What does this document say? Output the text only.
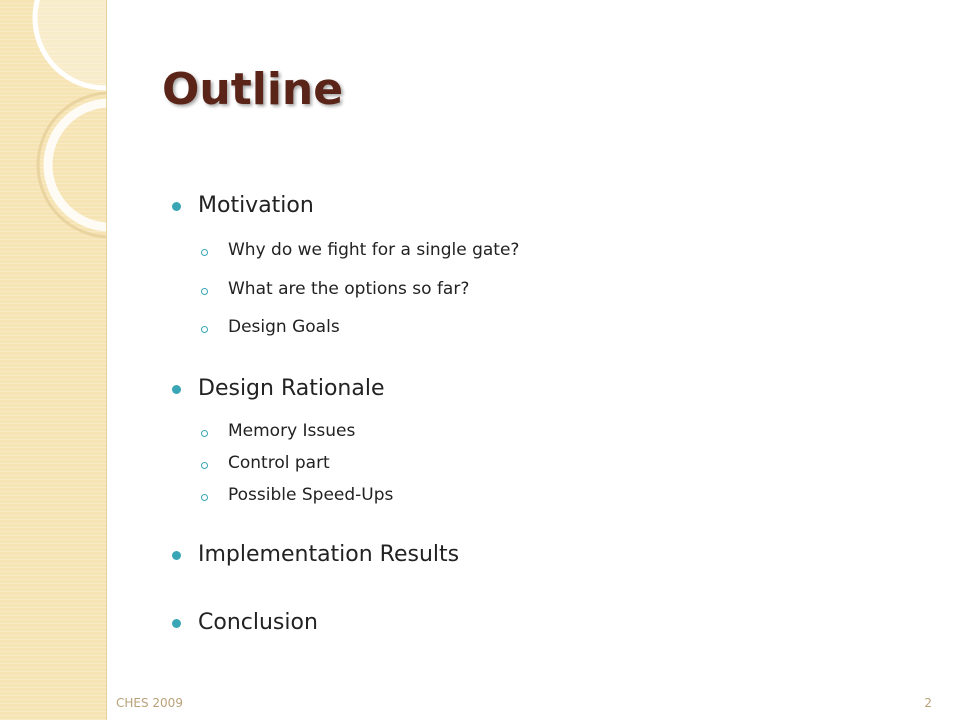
Outline
Motivation
Why do we fight for a single gate?
What are the options so far?
Design Goals
Design Rationale
Memory Issues
Control part
Possible Speed-Ups
Implementation Results
Conclusion
CHES 2009	2
